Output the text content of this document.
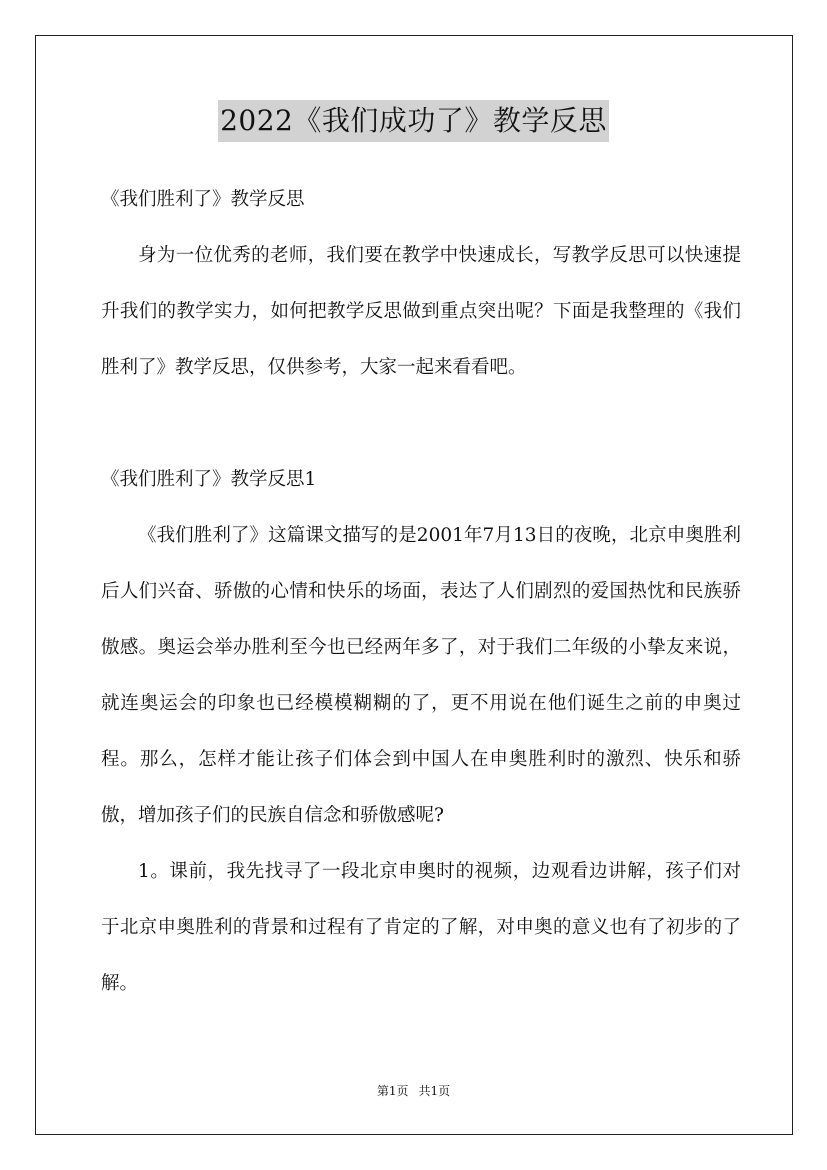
2022《我们成功了》教学反思

《我们胜利了》教学反思

身为一位优秀的老师，我们要在教学中快速成长，写教学反思可以快速提升我们的教学实力，如何把教学反思做到重点突出呢？下面是我整理的《我们胜利了》教学反思，仅供参考，大家一起来看看吧。

《我们胜利了》教学反思1

《我们胜利了》这篇课文描写的是2001年7月13日的夜晚，北京申奥胜利后人们兴奋、骄傲的心情和快乐的场面，表达了人们剧烈的爱国热忱和民族骄傲感。奥运会举办胜利至今也已经两年多了，对于我们二年级的小挚友来说，就连奥运会的印象也已经模模糊糊的了，更不用说在他们诞生之前的申奥过程。那么，怎样才能让孩子们体会到中国人在申奥胜利时的激烈、快乐和骄傲，增加孩子们的民族自信念和骄傲感呢?

1。课前，我先找寻了一段北京申奥时的视频，边观看边讲解，孩子们对于北京申奥胜利的背景和过程有了肯定的了解，对申奥的意义也有了初步的了解。

第1页 共1页
